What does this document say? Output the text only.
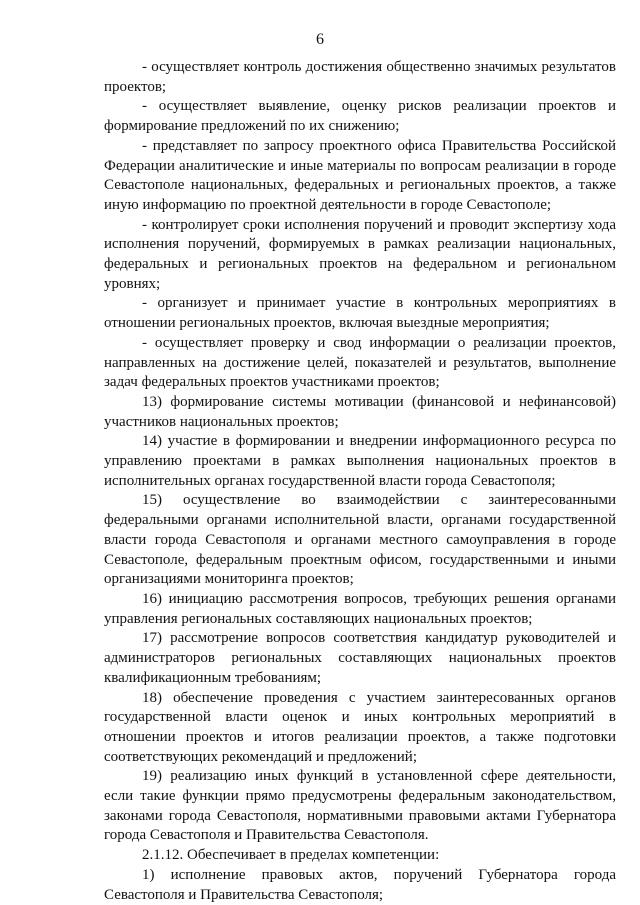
6

- осуществляет контроль достижения общественно значимых результатов проектов;

- осуществляет выявление, оценку рисков реализации проектов и формирование предложений по их снижению;

- представляет по запросу проектного офиса Правительства Российской Федерации аналитические и иные материалы по вопросам реализации в городе Севастополе национальных, федеральных и региональных проектов, а также иную информацию по проектной деятельности в городе Севастополе;

- контролирует сроки исполнения поручений и проводит экспертизу хода исполнения поручений, формируемых в рамках реализации национальных, федеральных и региональных проектов на федеральном и региональном уровнях;

- организует и принимает участие в контрольных мероприятиях в отношении региональных проектов, включая выездные мероприятия;

- осуществляет проверку и свод информации о реализации проектов, направленных на достижение целей, показателей и результатов, выполнение задач федеральных проектов участниками проектов;

13) формирование системы мотивации (финансовой и нефинансовой) участников национальных проектов;

14) участие в формировании и внедрении информационного ресурса по управлению проектами в рамках выполнения национальных проектов в исполнительных органах государственной власти города Севастополя;

15) осуществление во взаимодействии с заинтересованными федеральными органами исполнительной власти, органами государственной власти города Севастополя и органами местного самоуправления в городе Севастополе, федеральным проектным офисом, государственными и иными организациями мониторинга проектов;

16) инициацию рассмотрения вопросов, требующих решения органами управления региональных составляющих национальных проектов;

17) рассмотрение вопросов соответствия кандидатур руководителей и администраторов региональных составляющих национальных проектов квалификационным требованиям;

18) обеспечение проведения с участием заинтересованных органов государственной власти оценок и иных контрольных мероприятий в отношении проектов и итогов реализации проектов, а также подготовки соответствующих рекомендаций и предложений;

19) реализацию иных функций в установленной сфере деятельности, если такие функции прямо предусмотрены федеральным законодательством, законами города Севастополя, нормативными правовыми актами Губернатора города Севастополя и Правительства Севастополя.

2.1.12. Обеспечивает в пределах компетенции:

1) исполнение правовых актов, поручений Губернатора города Севастополя и Правительства Севастополя;
